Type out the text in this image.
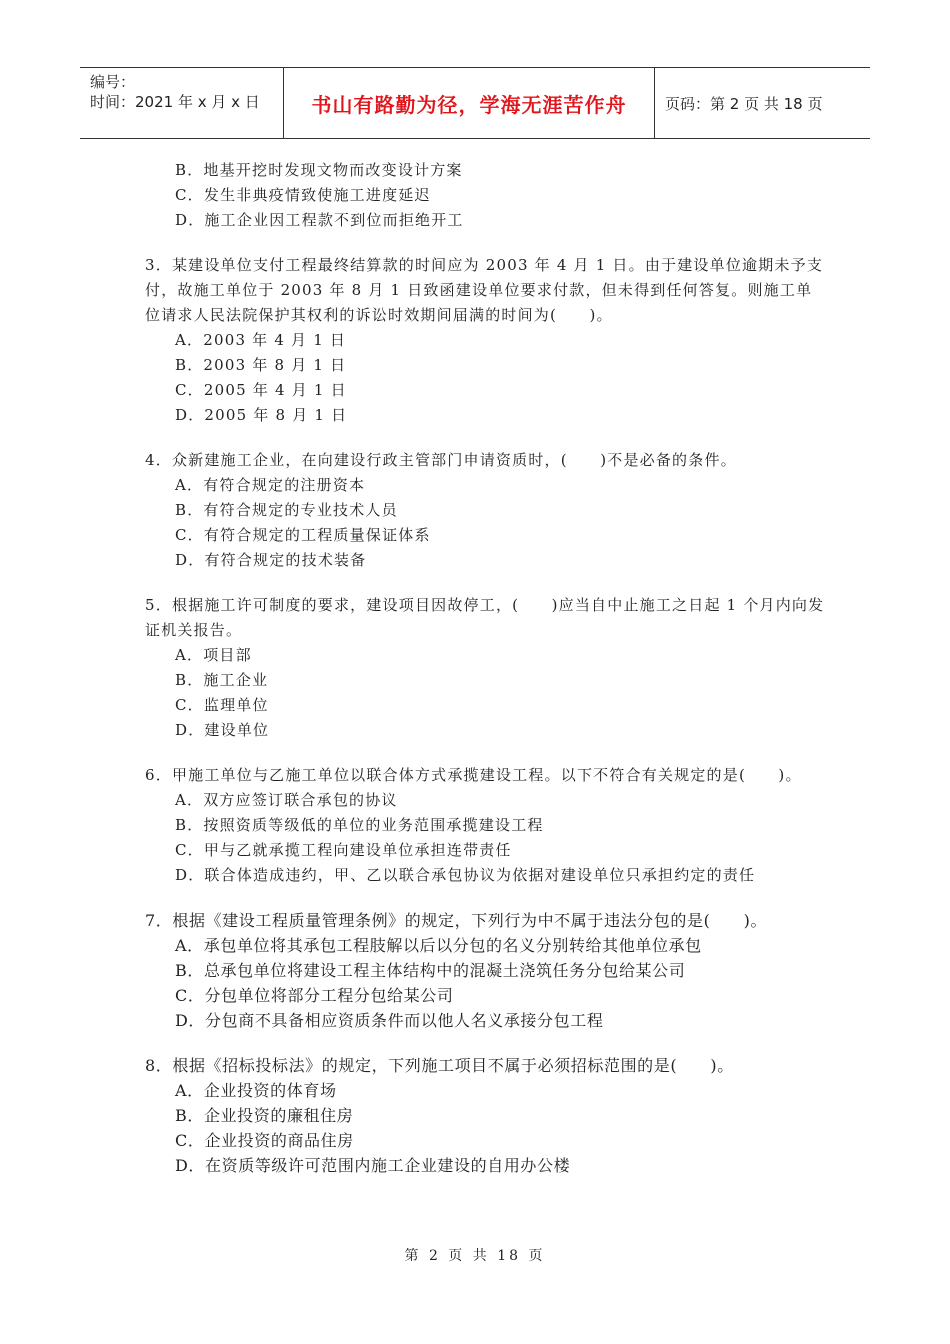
编号：
时间：2021 年 x 月 x 日	书山有路勤为径，学海无涯苦作舟	页码：第 2 页 共 18 页
B．地基开挖时发现文物而改变设计方案
C．发生非典疫情致使施工进度延迟
D．施工企业因工程款不到位而拒绝开工
3．某建设单位支付工程最终结算款的时间应为 2003 年 4 月 1 日。由于建设单位逾期未予支付，故施工单位于 2003 年 8 月 1 日致函建设单位要求付款，但未得到任何答复。则施工单位请求人民法院保护其权利的诉讼时效期间届满的时间为(　　)。
A．2003 年 4 月 1 日
B．2003 年 8 月 1 日
C．2005 年 4 月 1 日
D．2005 年 8 月 1 日
4．众新建施工企业，在向建设行政主管部门申请资质时，(　　)不是必备的条件。
A．有符合规定的注册资本
B．有符合规定的专业技术人员
C．有符合规定的工程质量保证体系
D．有符合规定的技术装备
5．根据施工许可制度的要求，建设项目因故停工，(　　)应当自中止施工之日起 1 个月内向发证机关报告。
A．项目部
B．施工企业
C．监理单位
D．建设单位
6．甲施工单位与乙施工单位以联合体方式承揽建设工程。以下不符合有关规定的是(　　)。
A．双方应签订联合承包的协议
B．按照资质等级低的单位的业务范围承揽建设工程
C．甲与乙就承揽工程向建设单位承担连带责任
D．联合体造成违约，甲、乙以联合承包协议为依据对建设单位只承担约定的责任
7．根据《建设工程质量管理条例》的规定，下列行为中不属于违法分包的是(　　)。
A．承包单位将其承包工程肢解以后以分包的名义分别转给其他单位承包
B．总承包单位将建设工程主体结构中的混凝土浇筑任务分包给某公司
C．分包单位将部分工程分包给某公司
D．分包商不具备相应资质条件而以他人名义承接分包工程
8．根据《招标投标法》的规定，下列施工项目不属于必须招标范围的是(　　)。
A．企业投资的体育场
B．企业投资的廉租住房
C．企业投资的商品住房
D．在资质等级许可范围内施工企业建设的自用办公楼
第 2 页 共 18 页
